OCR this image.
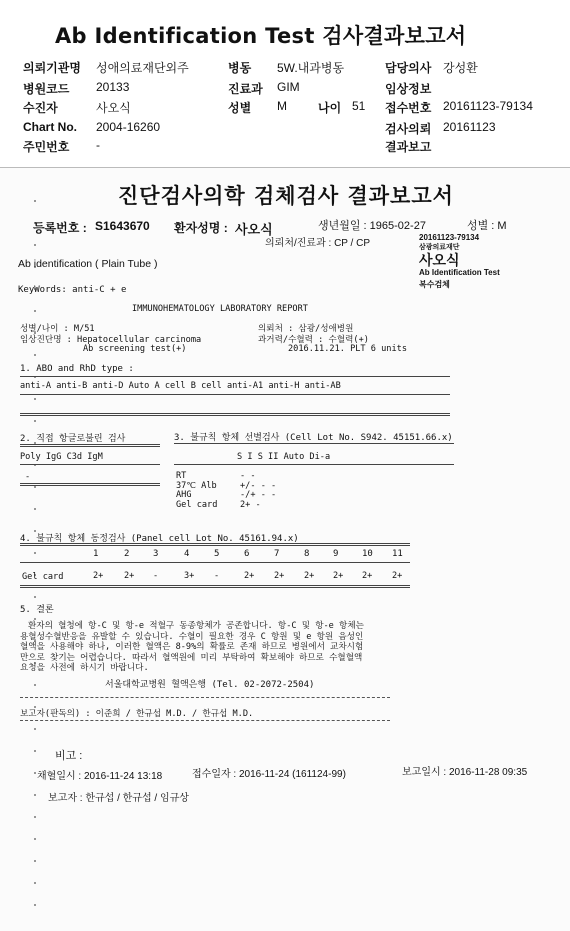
Ab Identification Test 검사결과보고서
의뢰기관명 성애의료재단외주	병동 5W.내과병동	담당의사 강성환
병원코드 20133	진료과 GIM	임상정보
수진자	사오식	성별 M	나이 51 접수번호 20161123-79134
Chart No. 2004-16260	검사의뢰 20161123
주민번호 -	결과보고
진단검사의학 검체검사 결과보고서
등록번호 : S1643670 환자성명 : 사오식	생년월일 : 1965-02-27	성별 : M
의뢰처/진료과 : CP / CP
20161123-79134
삼광의료재단
사오식
Ab Identification Test
복수검체
Ab identification ( Plain Tube )
KeyWords: anti-C + e
IMMUNOHEMATOLOGY LABORATORY REPORT
성별/나이 : M/51
임상진단명 : Hepatocellular carcinoma
Ab screening test(+)
의뢰처 : 삼광/성애병원
과거력/수혈력 : 수혈력(+)
2016.11.21. PLT 6 units
1. ABO and RhD type :
anti-A anti-B anti-D Auto A cell B cell anti-A1 anti-H anti-AB
2. 직접 항글로불린 검사
Poly IgG C3d IgM
-
3. 불규칙 항체 선별검사 (Cell Lot No. S942. 45151.66.x)
S I S II Auto Di-a
RT	- -
37℃ Alb	+/- - -
AHG	-/+ - -
Gel card	2+ -
4. 불규칙 항체 동정검사 (Panel cell Lot No. 45161.94.x)
1	2	3	4	5	6	7	8	9	10 11
Gel card	2+ 2+ -	3+ -	2+ 2+ 2+ 2+ 2+ 2+
5. 결론
환자의 혈청에 항-C 및 항-e 적혈구 동종항체가 공존합니다. 항-C 및 항-e 항체는
용혈성수혈반응을 유발할 수 있습니다. 수혈이 필요한 경우 C 항원 및 e 항원 음성인
혈액을 사용해야 하나, 이러한 혈액은 8-9%의 확률로 존재 하므로 병원에서 교차시험
만으로 찾기는 어렵습니다. 따라서 혈액원에 미리 부탁하여 확보해야 하므로 수혈혈액
요청을 사전에 하시기 바랍니다.
서울대학교병원 혈액은행 (Tel. 02-2072-2504)
보고자(판독의) : 이준희 / 한규섭 M.D. / 한규섭 M.D.
비고 :
채혈일시 : 2016-11-24 13:18	접수일자 : 2016-11-24 (161124-99)	보고일시 : 2016-11-28 09:35
보고자 : 한규섭 / 한규섭 / 임규상
